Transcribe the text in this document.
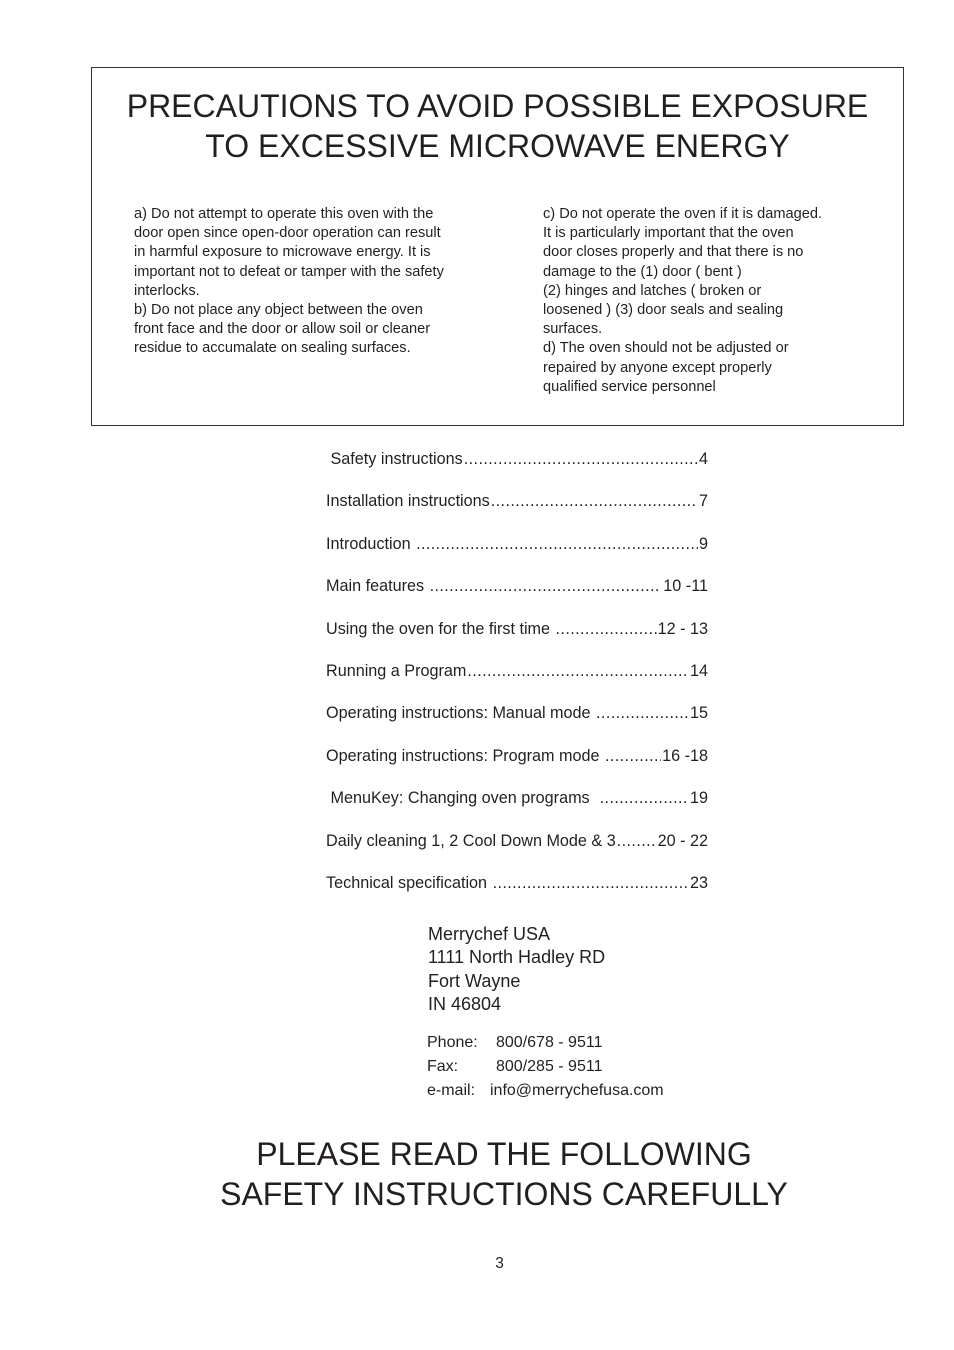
PRECAUTIONS TO AVOID POSSIBLE EXPOSURE
TO EXCESSIVE MICROWAVE ENERGY
a) Do not attempt to operate this oven with the
door open since open-door operation can result
in harmful exposure to microwave energy. It is
important not to defeat or tamper with the safety
interlocks.
b) Do not place any object between the oven
front face and the door or allow soil or cleaner
residue to accumalate on sealing surfaces.
c) Do not operate the oven if it is damaged.
It is particularly important that the oven
door closes properly and that there is no
damage to the (1) door ( bent )
(2) hinges and latches ( broken or
loosened ) (3) door seals and sealing
surfaces.
d) The oven should not be adjusted or
repaired by anyone except properly
qualified service personnel
Safety instructions .....	4
Installation instructions .....	7
Introduction .....	9
Main features .....	10 -11
Using the oven for the first time .....	12 - 13
Running a Program .....	14
Operating instructions: Manual mode .....	15
Operating instructions: Program mode .....	16 -18
MenuKey: Changing oven programs .....	19
Daily cleaning 1, 2 Cool Down Mode & 3 .....	20 - 22
Technical specification .....	23
Merrychef USA
1111 North Hadley RD
Fort Wayne
IN 46804
Phone:	800/678 - 9511
Fax:	800/285 - 9511
e-mail: info@merrychefusa.com
PLEASE READ THE FOLLOWING
SAFETY INSTRUCTIONS CAREFULLY
3
